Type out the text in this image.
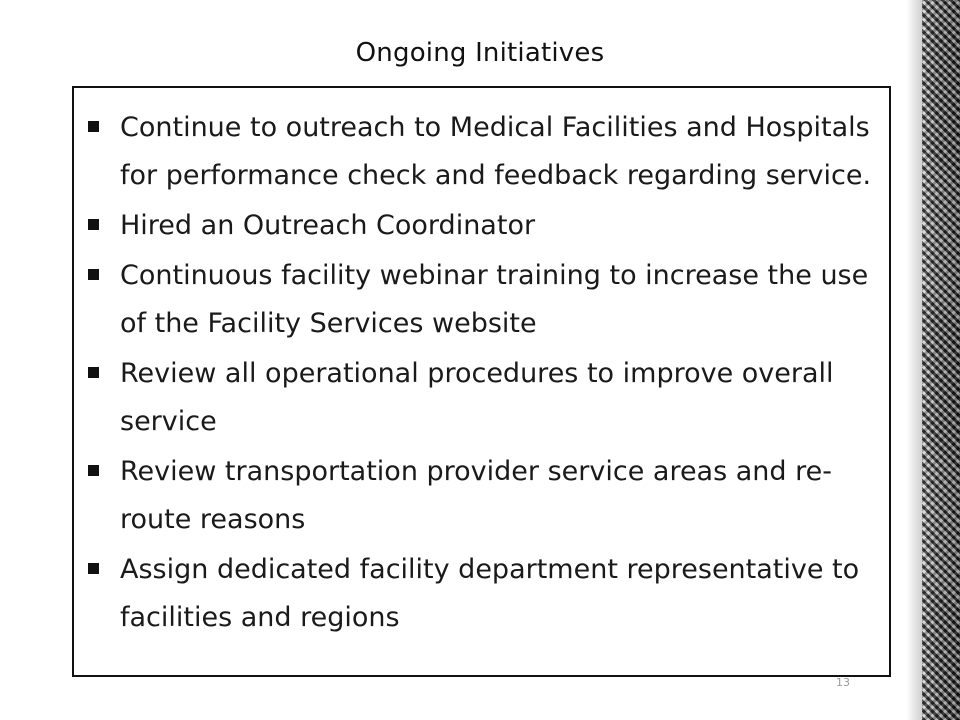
Ongoing Initiatives
Continue to outreach to Medical Facilities and Hospitals for performance check and feedback regarding service.
Hired an Outreach Coordinator
Continuous facility webinar training to increase the use of the Facility Services website
Review all operational procedures to improve overall service
Review transportation provider service areas and re-route reasons
Assign dedicated facility department representative to facilities and regions
13
